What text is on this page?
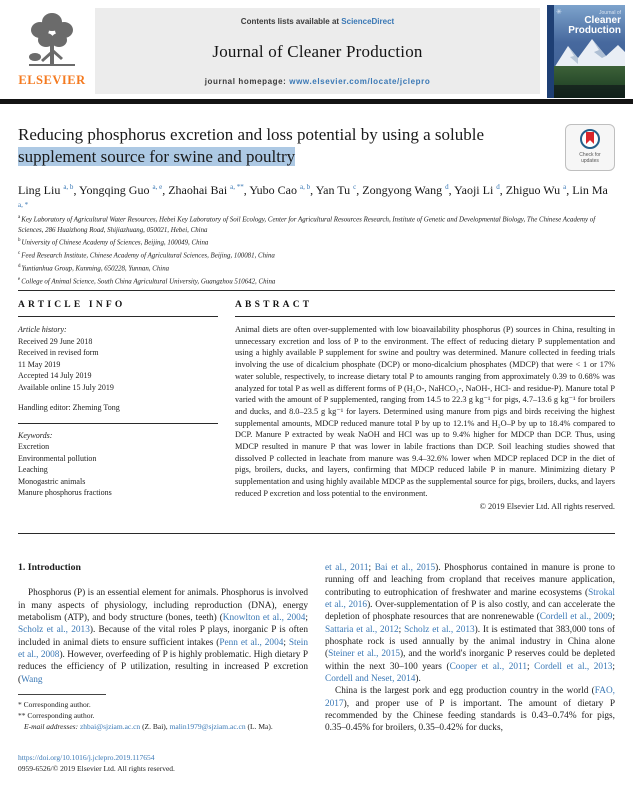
ELSEVIER
Contents lists available at ScienceDirect
Journal of Cleaner Production
journal homepage: www.elsevier.com/locate/jclepro
✳	Journal of
Cleaner
Production
Reducing phosphorus excretion and loss potential by using a soluble
supplement source for swine and poultry	Check for
updates
Ling Liu $^{a, b}$, Yongqing Guo $^{a, e}$, Zhaohai Bai $^{a, **}$, Yubo Cao $^{a, b}$, Yan Tu $^c$, Zongyong Wang $^d$, Yaoji Li $^d$, Zhiguo Wu $^a$, Lin Ma $^{a, *}$
$^a$Key Laboratory of Agricultural Water Resources, Hebei Key Laboratory of Soil Ecology, Center for Agricultural Resources Research, Institute of Genetic and Developmental Biology, The Chinese Academy of Sciences, 286 Huaizhong Road, Shijiazhuang, 050021, Hebei, China
$^b$University of Chinese Academy of Sciences, Beijing, 100049, China
$^c$Feed Research Institute, Chinese Academy of Agricultural Sciences, Beijing, 100081, China
$^d$Yuntianhua Group, Kunming, 650228, Yunnan, China
$^e$College of Animal Science, South China Agricultural University, Guangzhou 510642, China
ARTICLE INFO
Article history:
Received 29 June 2018
Received in revised form
11 May 2019
Accepted 14 July 2019
Available online 15 July 2019
Handling editor: Zheming Tong
Keywords:
Excretion
Environmental pollution
Leaching
Monogastric animals
Manure phosphorus fractions
ABSTRACT
Animal diets are often over-supplemented with low bioavailability phosphorus (P) sources in China, resulting in unnecessary excretion and loss of P to the environment. The effect of reducing dietary P supplementation and using a highly available P supplement for swine and poultry was determined. Manure collected in feeding trials involving the use of dicalcium phosphate (DCP) or mono-dicalcium phosphates (MDCP) that were < 1 or 17% water soluble, respectively, to increase dietary total P to amounts ranging from approximately 0.39 to 0.68% was analyzed for total P as well as different forms of P (H₂O-, NaHCO₃-, NaOH-, HCl- and residue-P). Manure total P varied with the amount of P supplemented, ranging from 14.5 to 22.3 g kg⁻¹ for pigs, 4.7–13.6 g kg⁻¹ for broilers and ducks, and 8.0–23.5 g kg⁻¹ for layers. Determined using manure from pigs and birds receiving the highest supplemental amounts, MDCP reduced manure total P by up to 12.1% and H₂O–P by up to 18.4% compared to DCP. Manure P extracted by weak NaOH and HCl was up to 9.4% higher for MDCP than DCP. Thus, using MDCP resulted in manure P that was lower in labile fractions than DCP. Soil leaching studies showed that dissolved P collected in leachate from manure was 9.4–32.6% lower when MDCP replaced DCP in the diet of pigs, broilers, ducks, and layers, confirming that MDCP reduced labile P in manure. Minimizing dietary P supplementation and using highly available MDCP as the supplemental source for pigs, broilers, ducks, and layers reduced P excretion and loss potential to the environment.
© 2019 Elsevier Ltd. All rights reserved.
1. Introduction

Phosphorus (P) is an essential element for animals. Phosphorus is involved in many aspects of physiology, including reproduction (DNA), energy metabolism (ATP), and body structure (bones, teeth) (Knowlton et al., 2004; Scholz et al., 2013). Because of the vital roles P plays, inorganic P is often included in animal diets to ensure sufficient intakes (Penn et al., 2004; Stein et al., 2008). However, overfeeding of P is highly problematic. High dietary P reduces the efficiency of P utilization, resulting in increased P excretion (Wang

et al., 2011; Bai et al., 2015). Phosphorus contained in manure is prone to running off and leaching from cropland that receives manure application, contributing to eutrophication of freshwater and marine ecosystems (Strokal et al., 2016). Over-supplementation of P is also costly, and can accelerate the depletion of phosphate resources that are nonrenewable (Cordell et al., 2009; Sattaria et al., 2012; Scholz et al., 2013). It is estimated that 383,000 tons of phosphate rock is used annually by the animal industry in China alone (Steiner et al., 2015), and the world's inorganic P reserves could be depleted within the next 30–100 years (Cooper et al., 2011; Cordell et al., 2013; Cordell and Neset, 2014).

China is the largest pork and egg production country in the world (FAO, 2017), and proper use of P is important. The amount of dietary P recommended by the Chinese feeding standards is 0.43–0.74% for pigs, 0.35–0.45% for broilers, 0.35–0.42% for ducks,

* Corresponding author.
** Corresponding author.
E-mail addresses: zhbai@sjziam.ac.cn (Z. Bai), malin1979@sjziam.ac.cn (L. Ma).
https://doi.org/10.1016/j.jclepro.2019.117654
0959-6526/© 2019 Elsevier Ltd. All rights reserved.
